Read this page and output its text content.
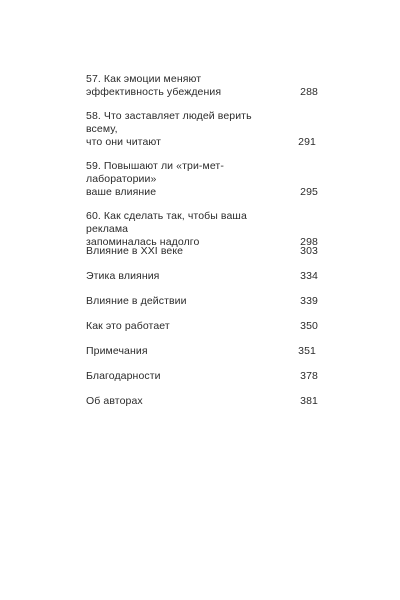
57. Как эмоции меняют
эффективность убеждения	288
58. Что заставляет людей верить всему,
что они читают	291
59. Повышают ли «три-мет-лаборатории»
ваше влияние	295
60. Как сделать так, чтобы ваша реклама
запоминалась надолго	298
Влияние в XXI веке	303
Этика влияния	334
Влияние в действии	339
Как это работает	350
Примечания	351
Благодарности	378
Об авторах	381
